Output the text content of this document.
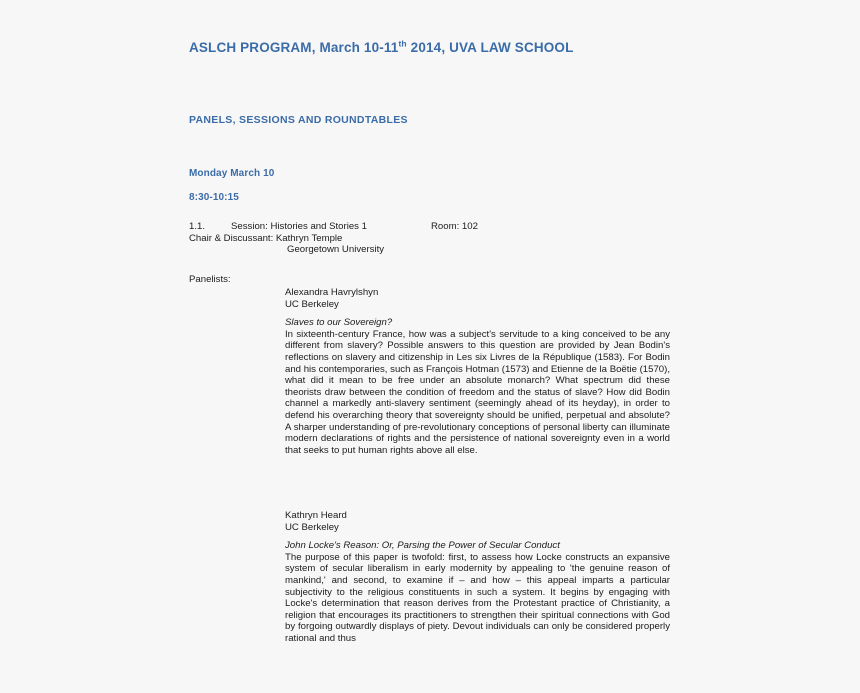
ASLCH PROGRAM, March 10-11th 2014, UVA LAW SCHOOL
PANELS, SESSIONS AND ROUNDTABLES
Monday March 10
8:30-10:15
1.1.	Session: Histories and Stories 1	Room: 102
Chair & Discussant: Kathryn Temple
Georgetown University
Panelists:
Alexandra Havrylshyn
UC Berkeley
Slaves to our Sovereign?
In sixteenth-century France, how was a subject's servitude to a king conceived to be any different from slavery? Possible answers to this question are provided by Jean Bodin's reflections on slavery and citizenship in Les six Livres de la République (1583). For Bodin and his contemporaries, such as François Hotman (1573) and Etienne de la Boëtie (1570), what did it mean to be free under an absolute monarch? What spectrum did these theorists draw between the condition of freedom and the status of slave? How did Bodin channel a markedly anti-slavery sentiment (seemingly ahead of its heyday), in order to defend his overarching theory that sovereignty should be unified, perpetual and absolute? A sharper understanding of pre-revolutionary conceptions of personal liberty can illuminate modern declarations of rights and the persistence of national sovereignty even in a world that seeks to put human rights above all else.
Kathryn Heard
UC Berkeley
John Locke's Reason: Or, Parsing the Power of Secular Conduct
The purpose of this paper is twofold: first, to assess how Locke constructs an expansive system of secular liberalism in early modernity by appealing to 'the genuine reason of mankind,' and second, to examine if – and how – this appeal imparts a particular subjectivity to the religious constituents in such a system. It begins by engaging with Locke's determination that reason derives from the Protestant practice of Christianity, a religion that encourages its practitioners to strengthen their spiritual connections with God by forgoing outwardly displays of piety. Devout individuals can only be considered properly rational and thus
